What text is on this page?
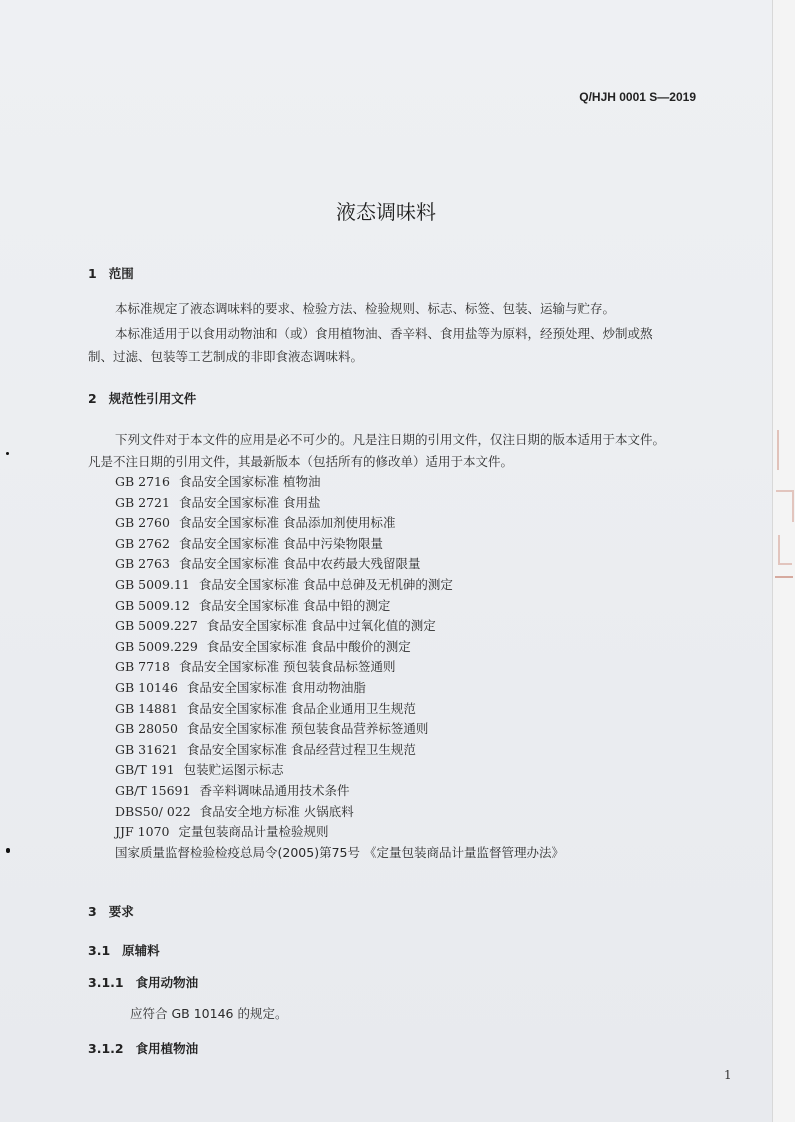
Q/HJH 0001 S—2019
液态调味料
1 范围
本标准规定了液态调味料的要求、检验方法、检验规则、标志、标签、包装、运输与贮存。
本标准适用于以食用动物油和（或）食用植物油、香辛料、食用盐等为原料，经预处理、炒制或熬
制、过滤、包装等工艺制成的非即食液态调味料。
2 规范性引用文件
下列文件对于本文件的应用是必不可少的。凡是注日期的引用文件，仅注日期的版本适用于本文件。
凡是不注日期的引用文件，其最新版本（包括所有的修改单）适用于本文件。
GB 2716 食品安全国家标准 植物油
GB 2721 食品安全国家标准 食用盐
GB 2760 食品安全国家标准 食品添加剂使用标准
GB 2762 食品安全国家标准 食品中污染物限量
GB 2763 食品安全国家标准 食品中农药最大残留限量
GB 5009.11 食品安全国家标准 食品中总砷及无机砷的测定
GB 5009.12 食品安全国家标准 食品中铅的测定
GB 5009.227 食品安全国家标准 食品中过氧化值的测定
GB 5009.229 食品安全国家标准 食品中酸价的测定
GB 7718 食品安全国家标准 预包装食品标签通则
GB 10146 食品安全国家标准 食用动物油脂
GB 14881 食品安全国家标准 食品企业通用卫生规范
GB 28050 食品安全国家标准 预包装食品营养标签通则
GB 31621 食品安全国家标准 食品经营过程卫生规范
GB/T 191 包装贮运图示标志
GB/T 15691 香辛料调味品通用技术条件
DBS50/ 022 食品安全地方标准 火锅底料
JJF 1070 定量包装商品计量检验规则
国家质量监督检验检疫总局令(2005)第75号 《定量包装商品计量监督管理办法》
3 要求
3.1 原辅料
3.1.1 食用动物油
应符合 GB 10146 的规定。
3.1.2 食用植物油
1
